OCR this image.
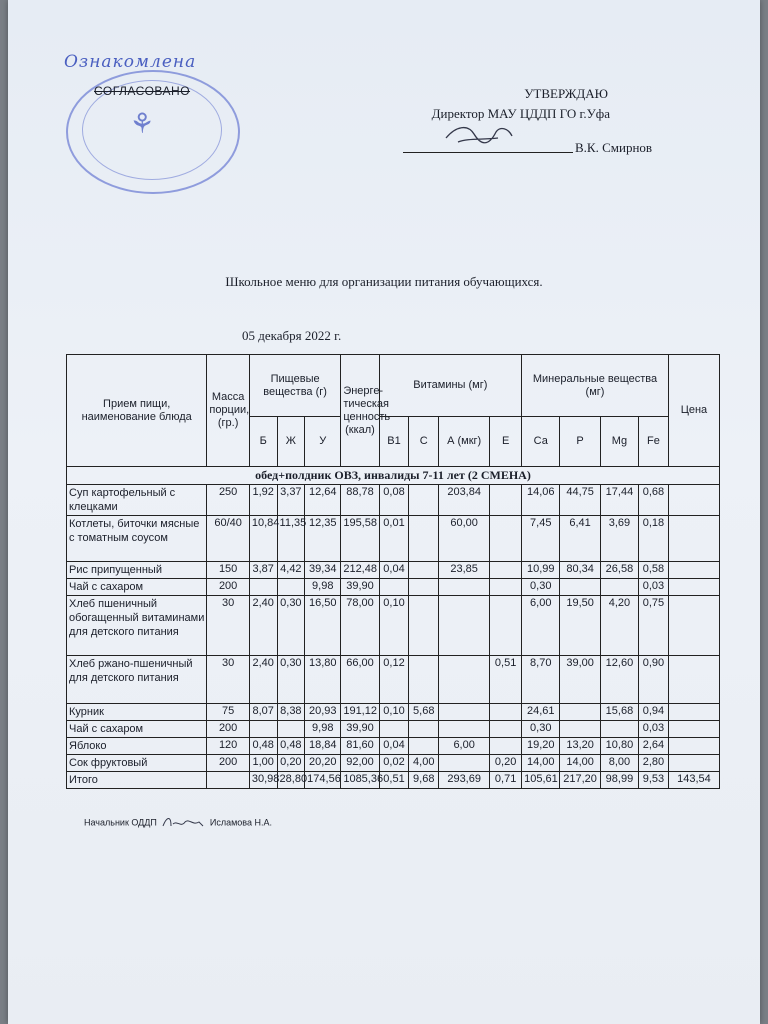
Ознакомлена
⚘
СОГЛАСОВАНО	УТВЕРЖДАЮ
Директор МАУ ЦДДП ГО г.Уфа
В.К. Смирнов
Школьное меню для организации питания обучающихся.
05 декабря 2022 г.
Прием пищи, наименование блюда	Масса порции, (гр.)	Пищевые вещества (г)			Энерге-тическая ценность (ккал)	Витамины (мг)				Минеральные вещества (мг)				Цена
		Б	Ж	У		В1	С	А (мкг)	Е	Са	Р	Mg	Fe	
обед+полдник ОВЗ, инвалиды 7-11 лет (2 СМЕНА)														
Суп картофельный с клецками	250	1,92	3,37	12,64	88,78	0,08		203,84		14,06	44,75	17,44	0,68	
Котлеты, биточки мясные с томатным соусом	60/40	10,84	11,35	12,35	195,58	0,01		60,00		7,45	6,41	3,69	0,18	
Рис припущенный	150	3,87	4,42	39,34	212,48	0,04		23,85		10,99	80,34	26,58	0,58	
Чай с сахаром	200			9,98	39,90					0,30			0,03	
Хлеб пшеничный обогащенный витаминами для детского питания	30	2,40	0,30	16,50	78,00	0,10				6,00	19,50	4,20	0,75	
Хлеб ржано-пшеничный для детского питания	30	2,40	0,30	13,80	66,00	0,12			0,51	8,70	39,00	12,60	0,90	
Курник	75	8,07	8,38	20,93	191,12	0,10	5,68			24,61		15,68	0,94	
Чай с сахаром	200			9,98	39,90					0,30			0,03	
Яблоко	120	0,48	0,48	18,84	81,60	0,04		6,00		19,20	13,20	10,80	2,64	
Сок фруктовый	200	1,00	0,20	20,20	92,00	0,02	4,00		0,20	14,00	14,00	8,00	2,80	
Итого		30,98	28,80	174,56	1085,36	0,51	9,68	293,69	0,71	105,61	217,20	98,99	9,53	143,54
Начальник ОДДП	Исламова Н.А.
